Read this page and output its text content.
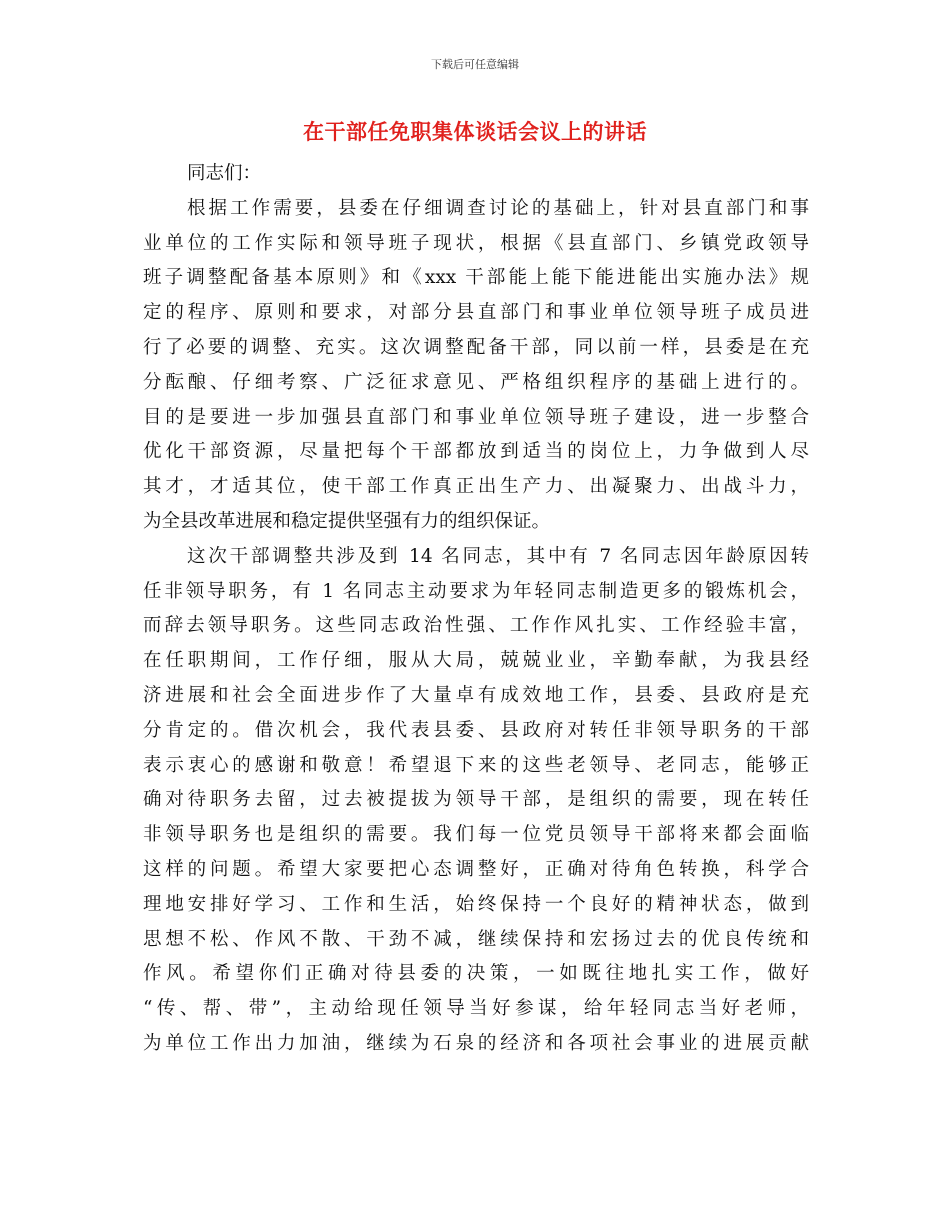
下载后可任意编辑
在干部任免职集体谈话会议上的讲话
同志们：
根据工作需要，县委在仔细调查讨论的基础上，针对县直部门和事
业单位的工作实际和领导班子现状，根据《县直部门、乡镇党政领导
班子调整配备基本原则》和《xxx 干部能上能下能进能出实施办法》规
定的程序、原则和要求，对部分县直部门和事业单位领导班子成员进
行了必要的调整、充实。这次调整配备干部，同以前一样，县委是在充
分酝酿、仔细考察、广泛征求意见、严格组织程序的基础上进行的。
目的是要进一步加强县直部门和事业单位领导班子建设，进一步整合
优化干部资源，尽量把每个干部都放到适当的岗位上，力争做到人尽
其才，才适其位，使干部工作真正出生产力、出凝聚力、出战斗力，
为全县改革进展和稳定提供坚强有力的组织保证。
这次干部调整共涉及到 14 名同志，其中有 7 名同志因年龄原因转
任非领导职务，有 1 名同志主动要求为年轻同志制造更多的锻炼机会，
而辞去领导职务。这些同志政治性强、工作作风扎实、工作经验丰富，
在任职期间，工作仔细，服从大局，兢兢业业，辛勤奉献，为我县经
济进展和社会全面进步作了大量卓有成效地工作，县委、县政府是充
分肯定的。借次机会，我代表县委、县政府对转任非领导职务的干部
表示衷心的感谢和敬意！希望退下来的这些老领导、老同志，能够正
确对待职务去留，过去被提拔为领导干部，是组织的需要，现在转任
非领导职务也是组织的需要。我们每一位党员领导干部将来都会面临
这样的问题。希望大家要把心态调整好，正确对待角色转换，科学合
理地安排好学习、工作和生活，始终保持一个良好的精神状态，做到
思想不松、作风不散、干劲不减，继续保持和宏扬过去的优良传统和
作风。希望你们正确对待县委的决策，一如既往地扎实工作，做好
“传、帮、带”，主动给现任领导当好参谋，给年轻同志当好老师，
为单位工作出力加油，继续为石泉的经济和各项社会事业的进展贡献
